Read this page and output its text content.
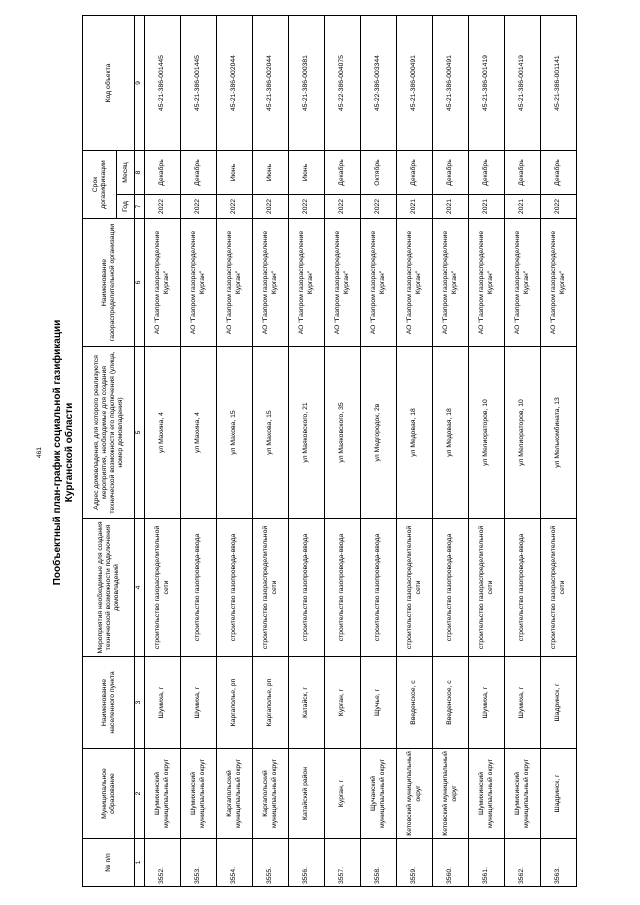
461 Пообъектный план-график социальной газификации Курганской области
№ п/п	Муниципальное образование	Наименование населенного пункта	Мероприятия необходимые для создания технической возможности подключения домовладений	Адрес домовладения, для которого реализуются мероприятия, необходимые для создания технической возможности его подключения (улица, номер домовладения)	Наименование газораспределительной организации	Срок догазификации		Код объекта
						Год	Месяц	
1	2	3	4	5	6	7	8	9
3552.	Шумихинский муниципальный округ	Шумиха, г	строительство газораспределительной сети	ул Махина, 4	АО "Газпром газораспределение Курган"	2022	Декабрь	45-21-386-001445
3553.	Шумихинский муниципальный округ	Шумиха, г	строительство газопровода-ввода	ул Махина, 4	АО "Газпром газораспределение Курган"	2022	Декабрь	45-21-386-001445
3554.	Каргапольский муниципальный округ	Каргаполье, рп	строительство газопровода-ввода	ул Махова, 15	АО "Газпром газораспределение Курган"	2022	Июнь	45-21-386-002044
3555.	Каргапольский муниципальный округ	Каргаполье, рп	строительство газораспределительной сети	ул Махова, 15	АО "Газпром газораспределение Курган"	2022	Июнь	45-21-386-002044
3556.	Катайский район	Катайск, г	строительство газопровода-ввода	ул Маяковского, 21	АО "Газпром газораспределение Курган"	2022	Июнь	45-21-386-000381
3557.	Курган, г	Курган, г	строительство газопровода-ввода	ул Маяковского, 35	АО "Газпром газораспределение Курган"	2022	Декабрь	45-22-386-004075
3558.	Щучанский муниципальный округ	Щучье, г	строительство газопровода-ввода	ул Медгородок, 2в	АО "Газпром газораспределение Курган"	2022	Октябрь	45-22-386-003344
3559.	Кетовский муниципальный округ	Введенское, с	строительство газораспределительной сети	ул Медовая, 18	АО "Газпром газораспределение Курган"	2021	Декабрь	45-21-386-000491
3560.	Кетовский муниципальный округ	Введенское, с	строительство газопровода-ввода	ул Медовая, 18	АО "Газпром газораспределение Курган"	2021	Декабрь	45-21-386-000491
3561.	Шумихинский муниципальный округ	Шумиха, г	строительство газораспределительной сети	ул Мелиораторов, 10	АО "Газпром газораспределение Курган"	2021	Декабрь	45-21-386-001419
3562.	Шумихинский муниципальный округ	Шумиха, г	строительство газопровода-ввода	ул Мелиораторов, 10	АО "Газпром газораспределение Курган"	2021	Декабрь	45-21-386-001419
3563.	Шадринск, г	Шадринск, г	строительство газораспределительной сети	ул Мелькомбината, 13	АО "Газпром газораспределение Курган"	2022	Декабрь	45-21-386-001141
